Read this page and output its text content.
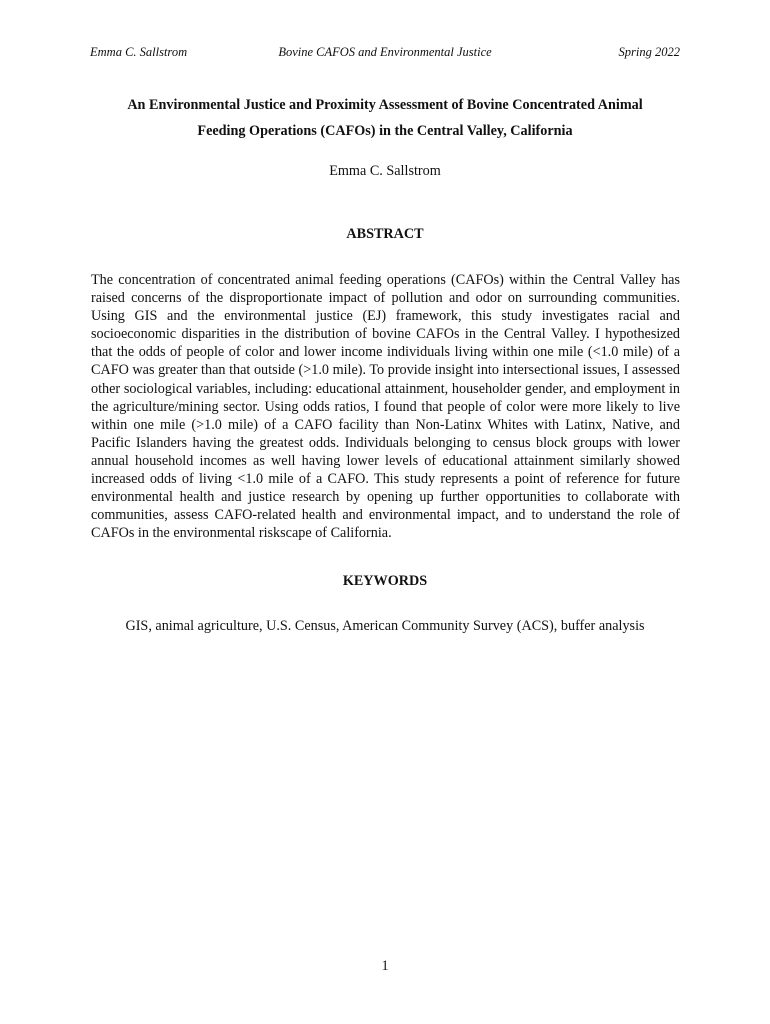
Emma C. Sallstrom	Bovine CAFOS and Environmental Justice	Spring 2022
An Environmental Justice and Proximity Assessment of Bovine Concentrated Animal
Feeding Operations (CAFOs) in the Central Valley, California
Emma C. Sallstrom
ABSTRACT
The concentration of concentrated animal feeding operations (CAFOs) within the Central Valley has raised concerns of the disproportionate impact of pollution and odor on surrounding communities. Using GIS and the environmental justice (EJ) framework, this study investigates racial and socioeconomic disparities in the distribution of bovine CAFOs in the Central Valley. I hypothesized that the odds of people of color and lower income individuals living within one mile (<1.0 mile) of a CAFO was greater than that outside (>1.0 mile). To provide insight into intersectional issues, I assessed other sociological variables, including: educational attainment, householder gender, and employment in the agriculture/mining sector. Using odds ratios, I found that people of color were more likely to live within one mile (>1.0 mile) of a CAFO facility than Non-Latinx Whites with Latinx, Native, and Pacific Islanders having the greatest odds. Individuals belonging to census block groups with lower annual household incomes as well having lower levels of educational attainment similarly showed increased odds of living <1.0 mile of a CAFO. This study represents a point of reference for future environmental health and justice research by opening up further opportunities to collaborate with communities, assess CAFO-related health and environmental impact, and to understand the role of CAFOs in the environmental riskscape of California.
KEYWORDS
GIS, animal agriculture, U.S. Census, American Community Survey (ACS), buffer analysis
1
